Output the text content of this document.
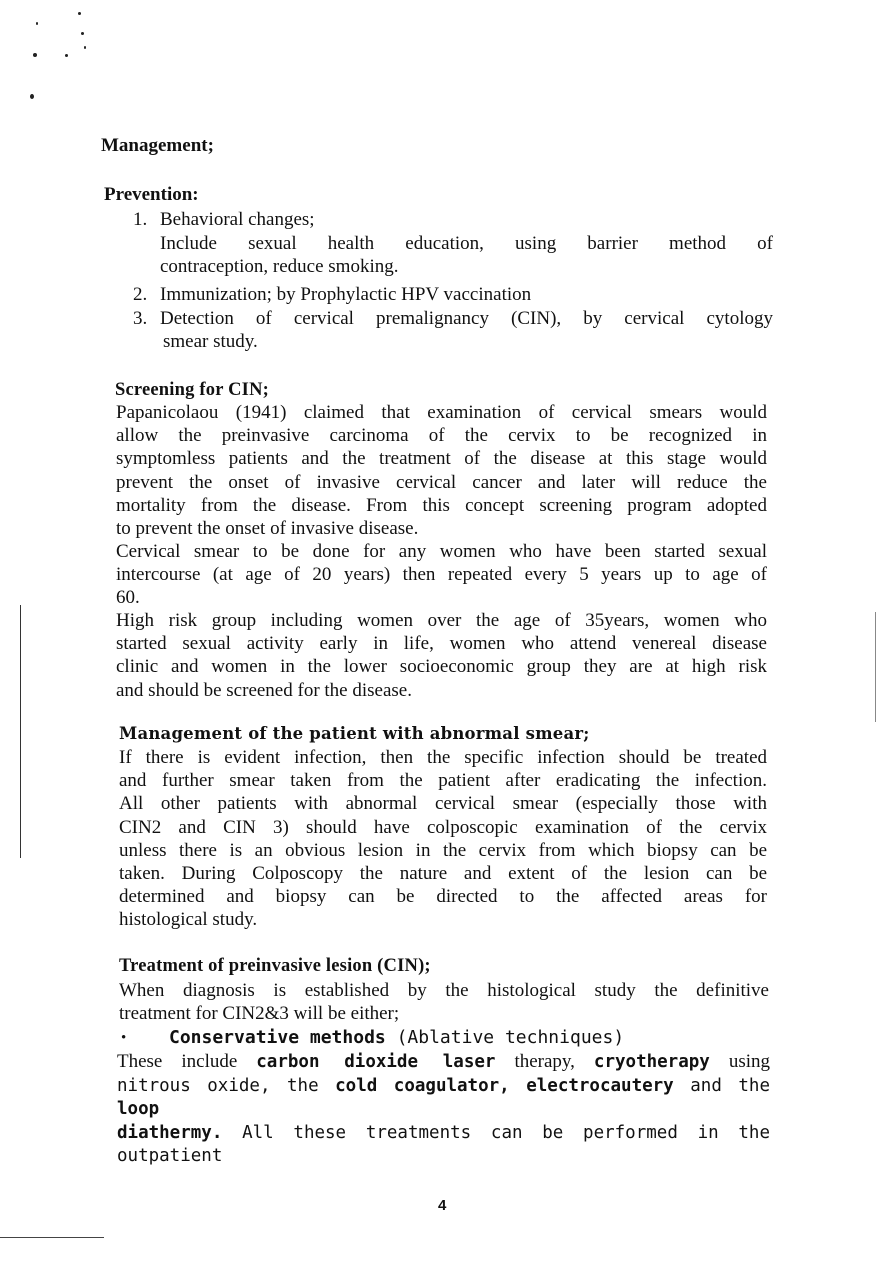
Management;
Prevention:
1. Behavioral changes;
Include sexual health education, using barrier method of
contraception, reduce smoking.
2. Immunization; by Prophylactic HPV vaccination
3. Detection of cervical premalignancy (CIN), by cervical cytology
smear study.
Screening for CIN;
Papanicolaou (1941) claimed that examination of cervical smears would
allow the preinvasive carcinoma of the cervix to be recognized in
symptomless patients and the treatment of the disease at this stage would
prevent the onset of invasive cervical cancer and later will reduce the
mortality from the disease. From this concept screening program adopted
to prevent the onset of invasive disease.
Cervical smear to be done for any women who have been started sexual
intercourse (at age of 20 years) then repeated every 5 years up to age of
60.
High risk group including women over the age of 35years, women who
started sexual activity early in life, women who attend venereal disease
clinic and women in the lower socioeconomic group they are at high risk
and should be screened for the disease.
Management of the patient with abnormal smear;
If there is evident infection, then the specific infection should be treated
and further smear taken from the patient after eradicating the infection.
All other patients with abnormal cervical smear (especially those with
CIN2 and CIN 3) should have colposcopic examination of the cervix
unless there is an obvious lesion in the cervix from which biopsy can be
taken. During Colposcopy the nature and extent of the lesion can be
determined and biopsy can be directed to the affected areas for
histological study.
Treatment of preinvasive lesion (CIN);
When diagnosis is established by the histological study the definitive
treatment for CIN2&3 will be either;
• Conservative methods (Ablative techniques)
These include carbon dioxide laser therapy, cryotherapy using
nitrous oxide, the cold coagulator, electrocautery and the loop
diathermy. All these treatments can be performed in the outpatient
4
